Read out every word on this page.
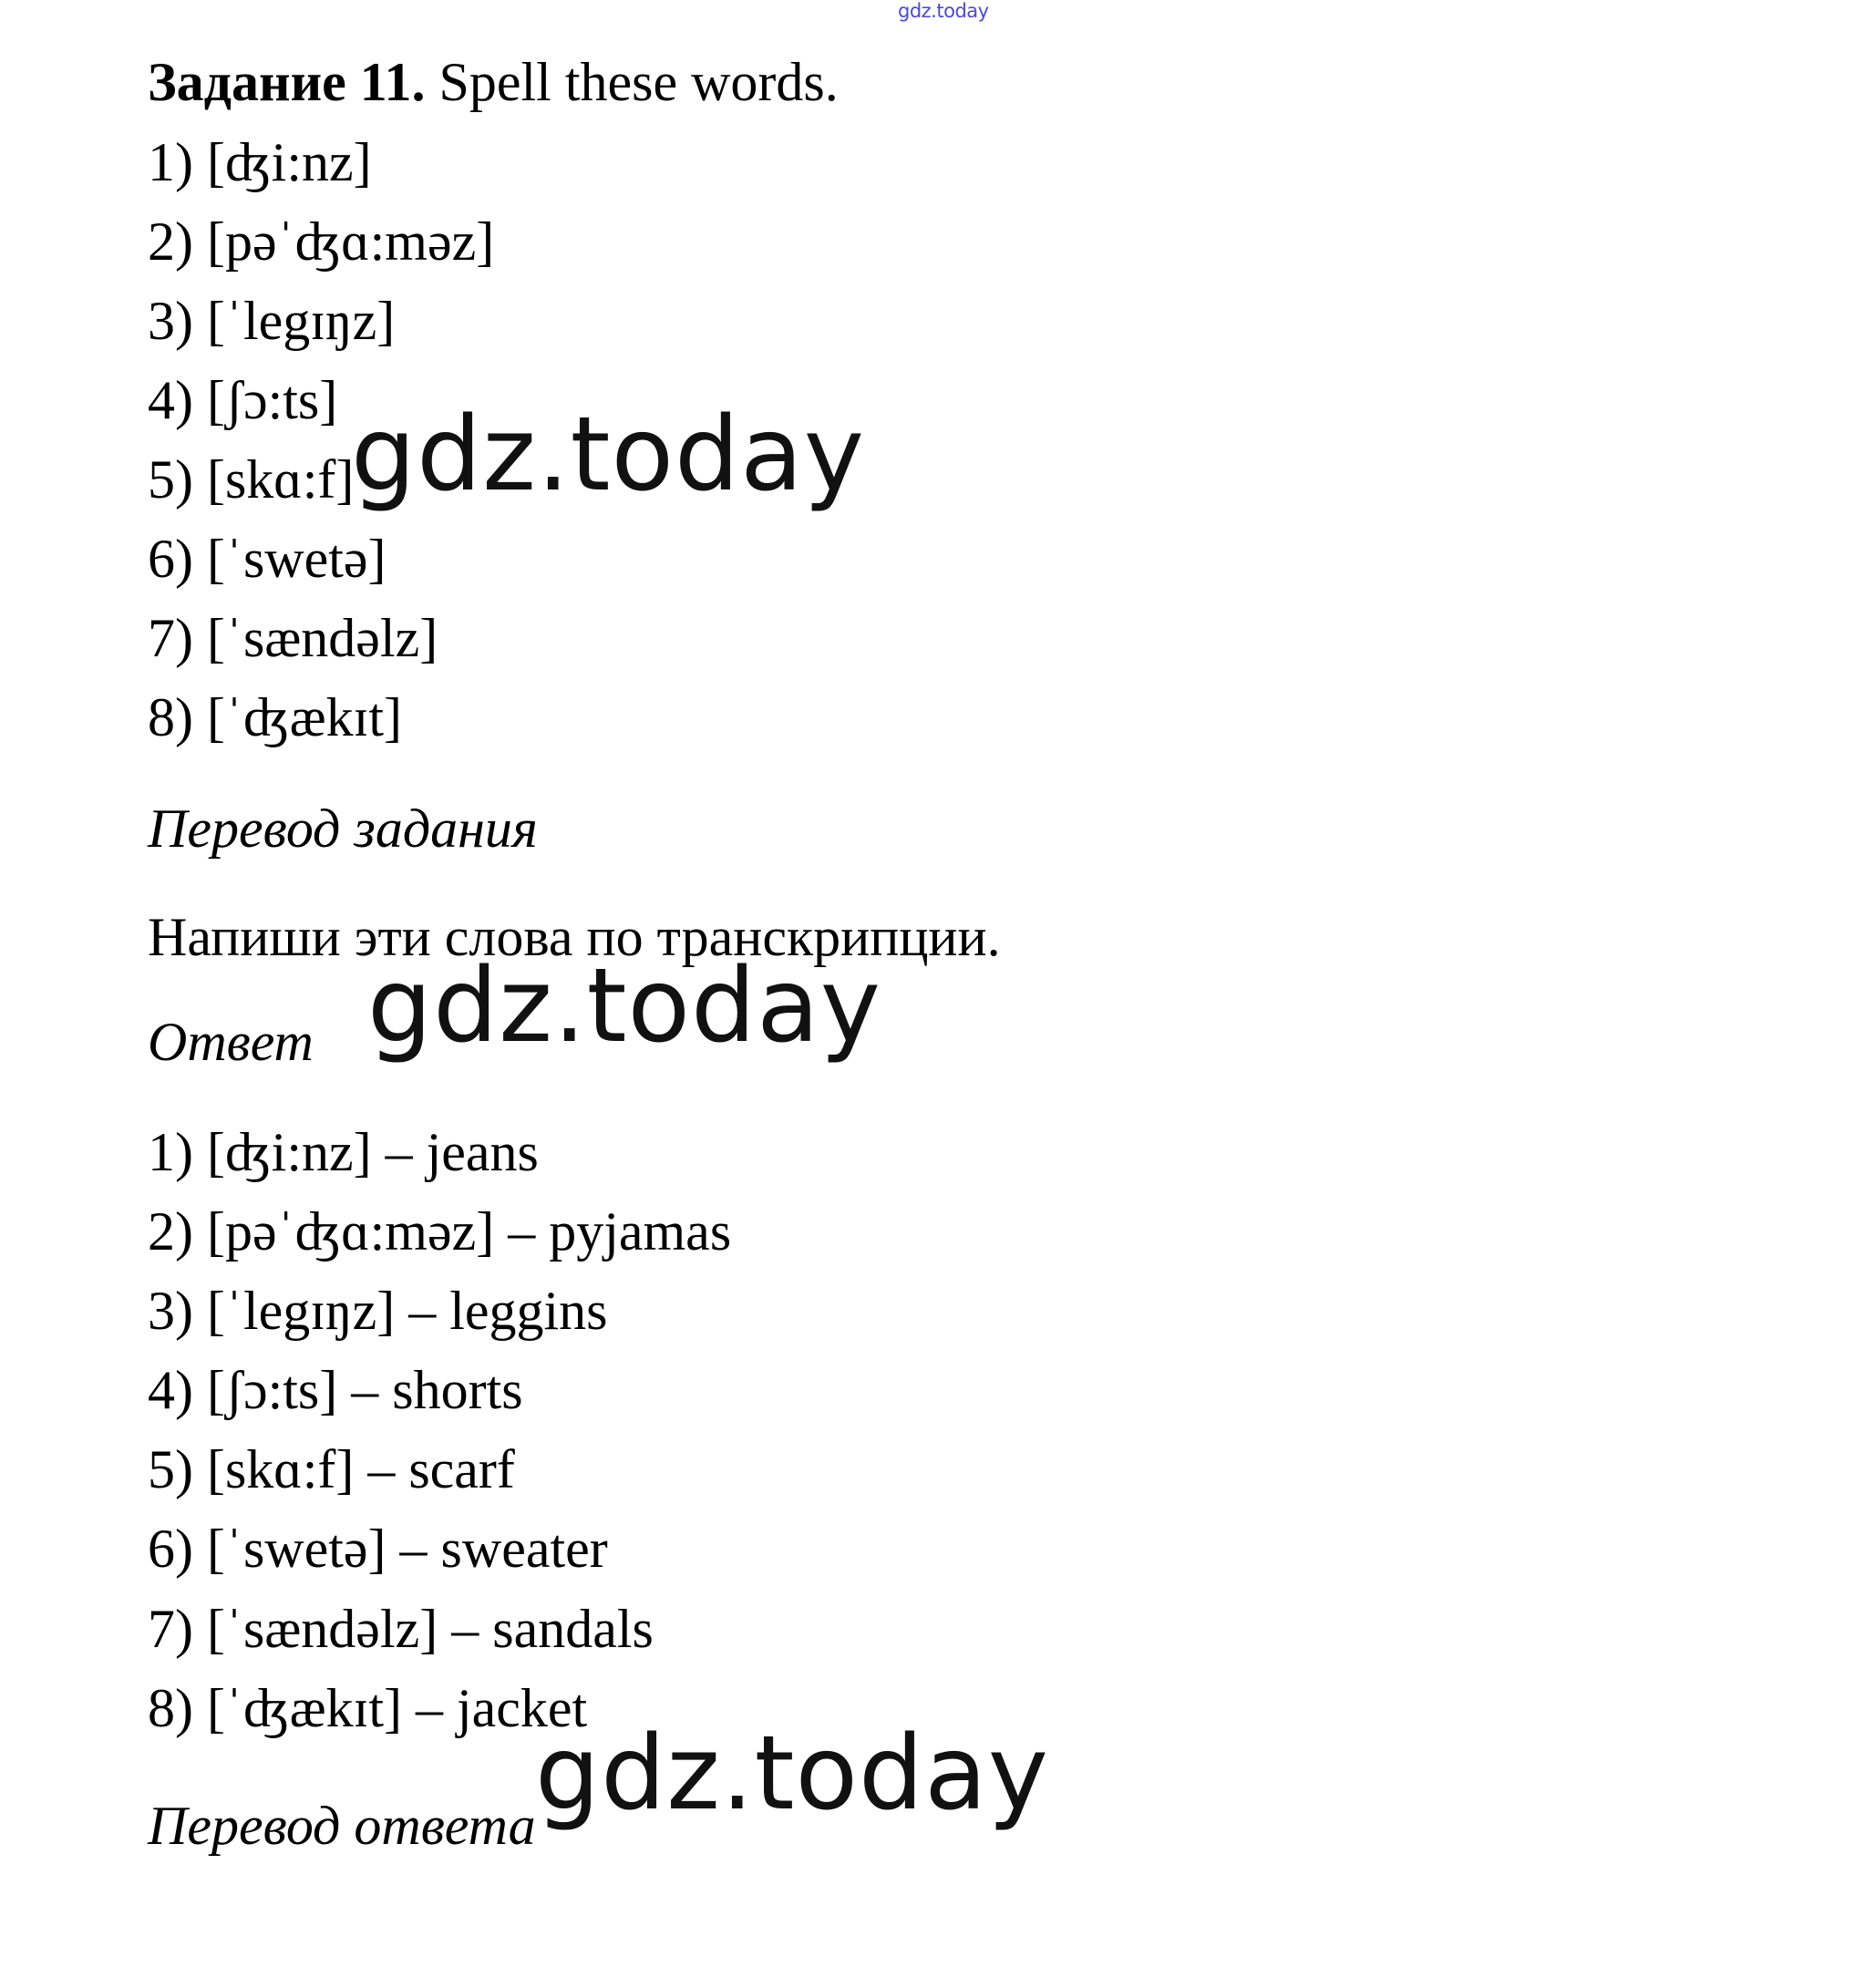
gdz.today
Задание 11. Spell these words.
1) [ʤi:nz]
2) [pəˈʤɑ:məz]
3) [ˈlegɪŋz]
4) [ʃɔ:ts]
5) [skɑ:f]
6) [ˈswetə]
7) [ˈsændəlz]
8) [ˈʤækɪt]
gdz.today
Перевод задания
Напиши эти слова по транскрипции.
Ответ gdz.today
1) [ʤi:nz] – jeans
2) [pəˈʤɑ:məz] – pyjamas
3) [ˈlegɪŋz] – leggins
4) [ʃɔ:ts] – shorts
5) [skɑ:f] – scarf
6) [ˈswetə] – sweater
7) [ˈsændəlz] – sandals
8) [ˈʤækɪt] – jacket
gdz.today
Перевод ответа
